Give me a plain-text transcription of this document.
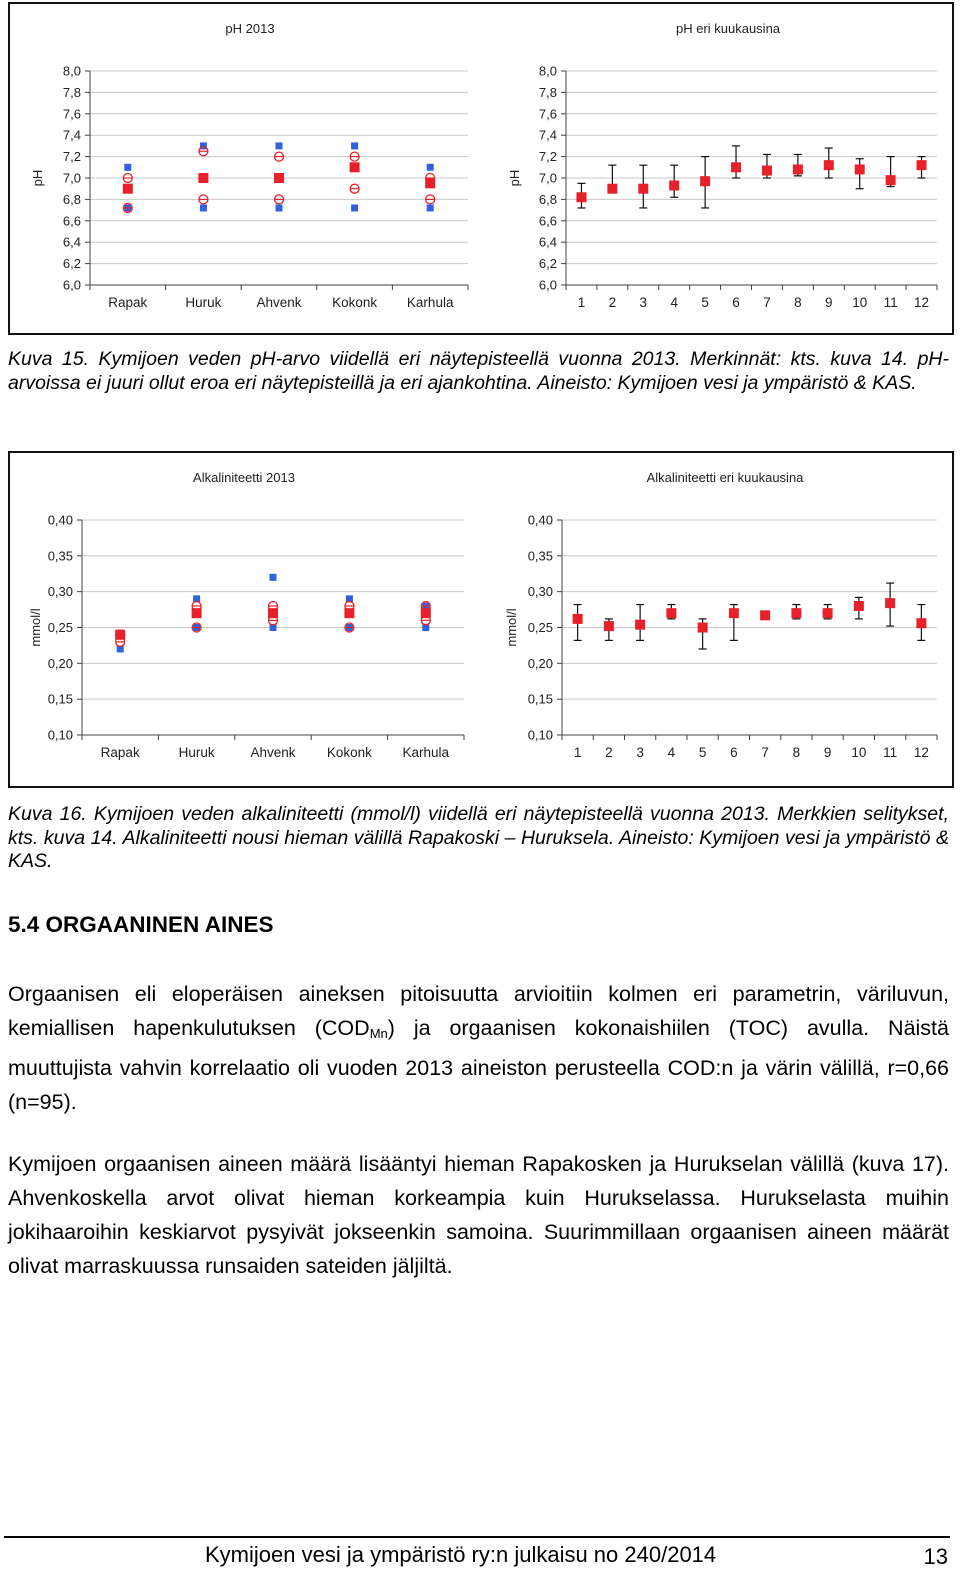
pH 2013
pH
6,0
6,2
6,4
6,6
6,8
7,0
7,2
7,4
7,6
7,8
8,0
Rapak	Huruk	Ahvenk Kokonk Karhula
pH eri kuukausina
pH
6,0
6,2
6,4
6,6
6,8
7,0
7,2
7,4
7,6
7,8
8,0
1 2 3 4 5 6 7 8 9 10 11 12

Kuva 15. Kymijoen veden pH-arvo viidellä eri näytepisteellä vuonna 2013. Merkinnät: kts. kuva 14. pH-arvoissa ei juuri ollut eroa eri näytepisteillä ja eri ajankohtina. Aineisto: Kymijoen vesi ja ympäristö & KAS.

Alkaliniteetti 2013
mmol/l
0,10
0,15
0,20
0,25
0,30
0,35
0,40
Rapak	Huruk	Ahvenk Kokonk Karhula
Alkaliniteetti eri kuukausina
mmol/l
0,10
0,15
0,20
0,25
0,30
0,35
0,40
1 2 3 4 5 6 7 8 9 10 11 12

Kuva 16. Kymijoen veden alkaliniteetti (mmol/l) viidellä eri näytepisteellä vuonna 2013. Merkkien selitykset, kts. kuva 14. Alkaliniteetti nousi hieman välillä Rapakoski – Huruksela. Aineisto: Kymijoen vesi ja ympäristö & KAS.

5.4 ORGAANINEN AINES

Orgaanisen eli eloperäisen aineksen pitoisuutta arvioitiin kolmen eri parametrin, väriluvun, kemiallisen hapenkulutuksen $(COD_{Mn})$ ja orgaanisen kokonaishiilen (TOC) avulla. Näistä muuttujista vahvin korrelaatio oli vuoden 2013 aineiston perusteella COD:n ja värin välillä, r=0,66 (n=95).

Kymijoen orgaanisen aineen määrä lisääntyi hieman Rapakosken ja Hurukselan välillä (kuva 17). Ahvenkoskella arvot olivat hieman korkeampia kuin Hurukselassa. Hurukselasta muihin jokihaaroihin keskiarvot pysyivät jokseenkin samoina. Suurimmillaan orgaanisen aineen määrät olivat marraskuussa runsaiden sateiden jäljiltä.

Kymijoen vesi ja ympäristö ry:n julkaisu no 240/2014	13
